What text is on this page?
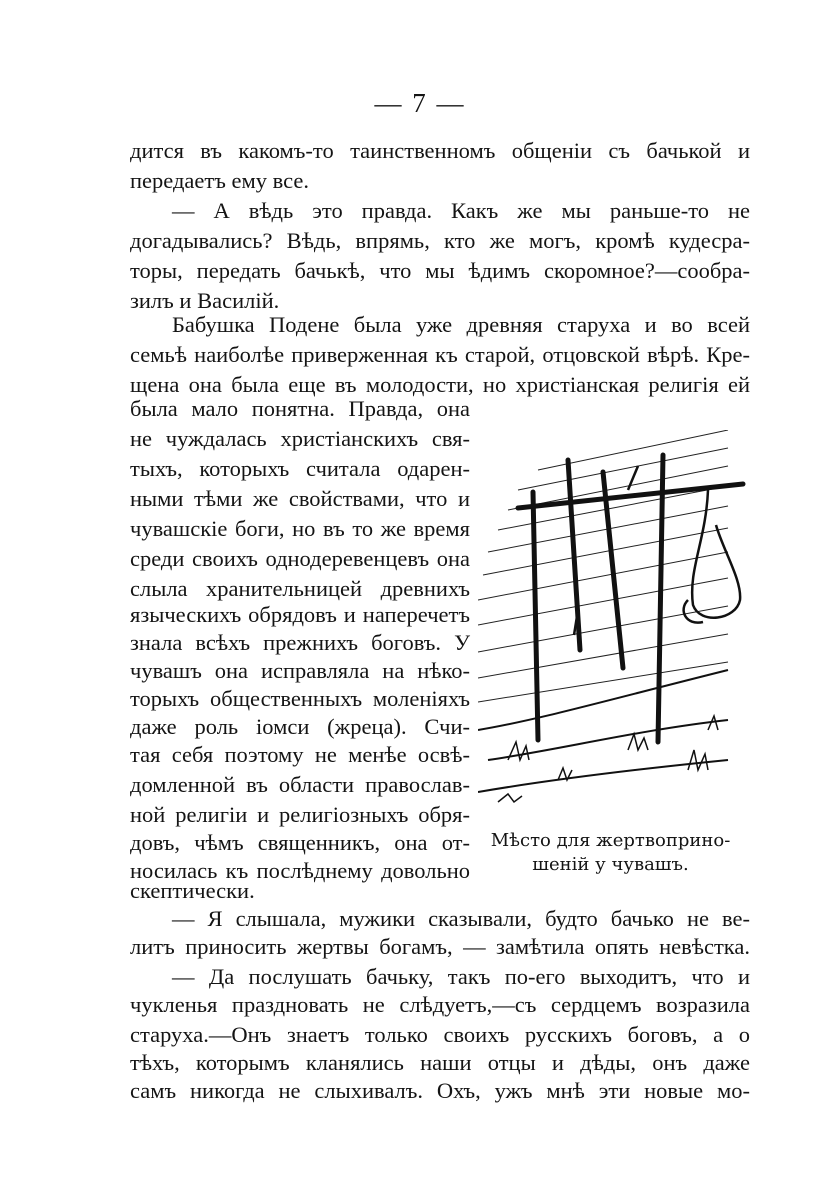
— 7 —
дится въ какомъ-то таинственномъ общеніи съ бачькой и
передаетъ ему все.
— А вѣдь это правда. Какъ же мы раньше-то не
догадывались? Вѣдь, впрямь, кто же могъ, кромѣ кудесра-
торы, передать бачькѣ, что мы ѣдимъ скоромное?—сообра-
зилъ и Василій.
Бабушка Подене была уже древняя старуха и во всей
семьѣ наиболѣе приверженная къ старой, отцовской вѣрѣ. Кре-
щена она была еще въ молодости, но христіанская религія ей
была мало понятна. Правда, она
не чуждалась христіанскихъ свя-
тыхъ, которыхъ считала одарен-
ными тѣми же свойствами, что и
чувашскіе боги, но въ то же время
среди своихъ однодеревенцевъ она
слыла хранительницей древнихъ
языческихъ обрядовъ и наперечетъ
знала всѣхъ прежнихъ боговъ. У
чувашъ она исправляла на нѣко-
торыхъ общественныхъ моленіяхъ
даже роль іомси (жреца). Счи-
тая себя поэтому не менѣе освѣ-
домленной въ области православ-
ной религіи и религіозныхъ обря-
довъ, чѣмъ священникъ, она от-
носилась къ послѣднему довольно
скептически.
— Я слышала, мужики сказывали, будто бачько не ве-
литъ приносить жертвы богамъ, — замѣтила опять невѣстка.
— Да послушать бачьку, такъ по-его выходитъ, что и
чукленья праздновать не слѣдуетъ,—съ сердцемъ возразила
старуха.—Онъ знаетъ только своихъ русскихъ боговъ, а о
тѣхъ, которымъ кланялись наши отцы и дѣды, онъ даже
самъ никогда не слыхивалъ. Охъ, ужъ мнѣ эти новые мо-
Мѣсто для жертвоприно-
шеній у чувашъ.
